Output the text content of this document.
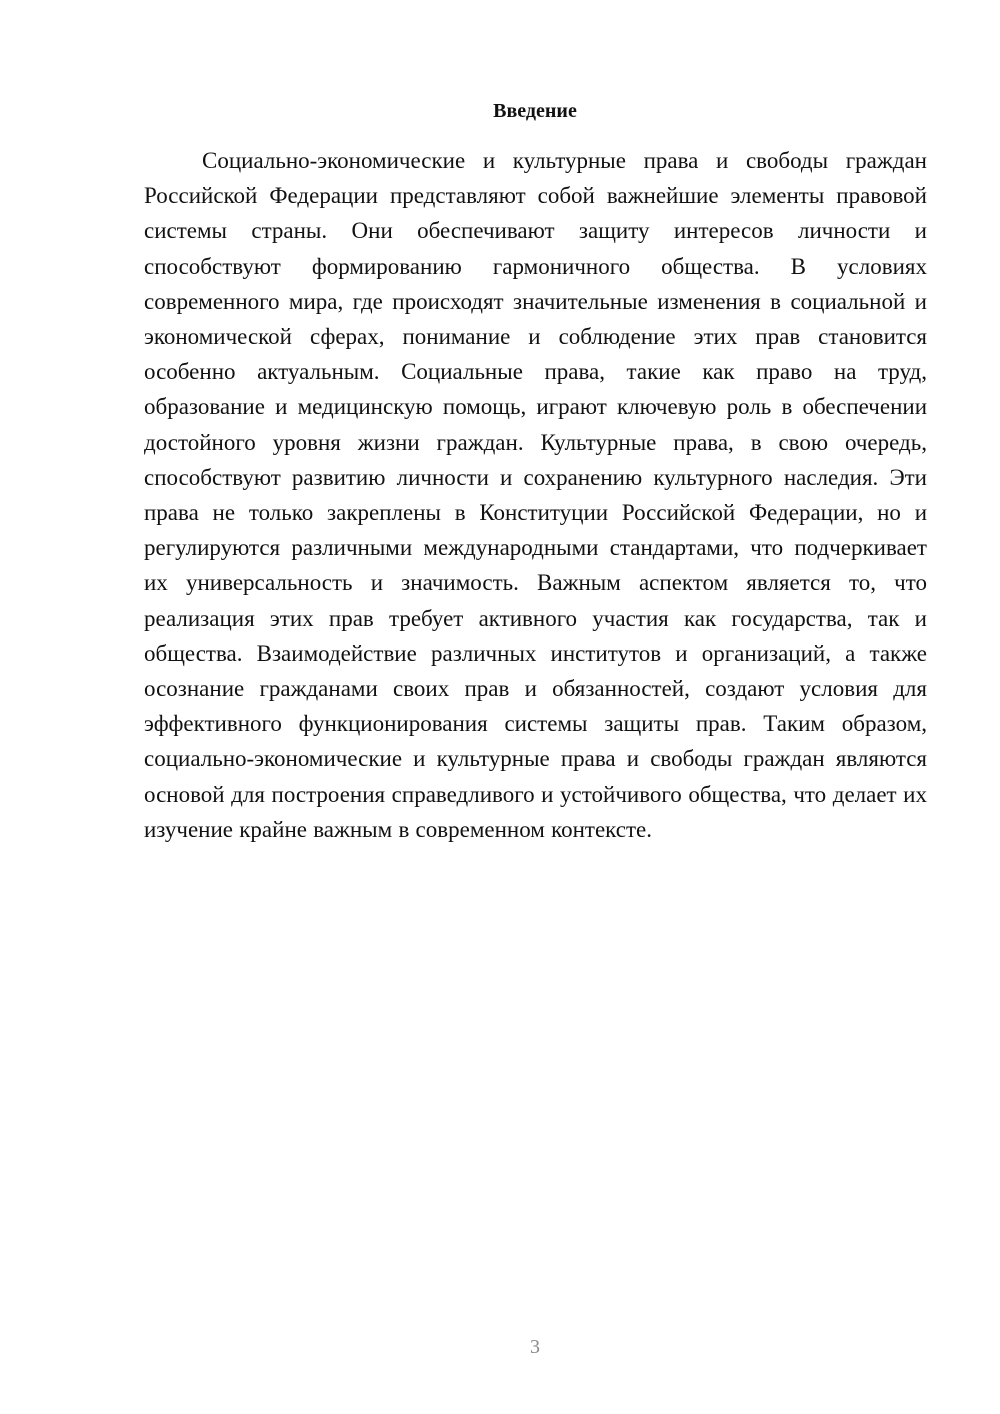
Введение

Социально-экономические и культурные права и свободы граждан Российской Федерации представляют собой важнейшие элементы правовой системы страны. Они обеспечивают защиту интересов личности и способствуют формированию гармоничного общества. В условиях современного мира, где происходят значительные изменения в социальной и экономической сферах, понимание и соблюдение этих прав становится особенно актуальным. Социальные права, такие как право на труд, образование и медицинскую помощь, играют ключевую роль в обеспечении достойного уровня жизни граждан. Культурные права, в свою очередь, способствуют развитию личности и сохранению культурного наследия. Эти права не только закреплены в Конституции Российской Федерации, но и регулируются различными международными стандартами, что подчеркивает их универсальность и значимость. Важным аспектом является то, что реализация этих прав требует активного участия как государства, так и общества. Взаимодействие различных институтов и организаций, а также осознание гражданами своих прав и обязанностей, создают условия для эффективного функционирования системы защиты прав. Таким образом, социально-экономические и культурные права и свободы граждан являются основой для построения справедливого и устойчивого общества, что делает их изучение крайне важным в современном контексте.

3
